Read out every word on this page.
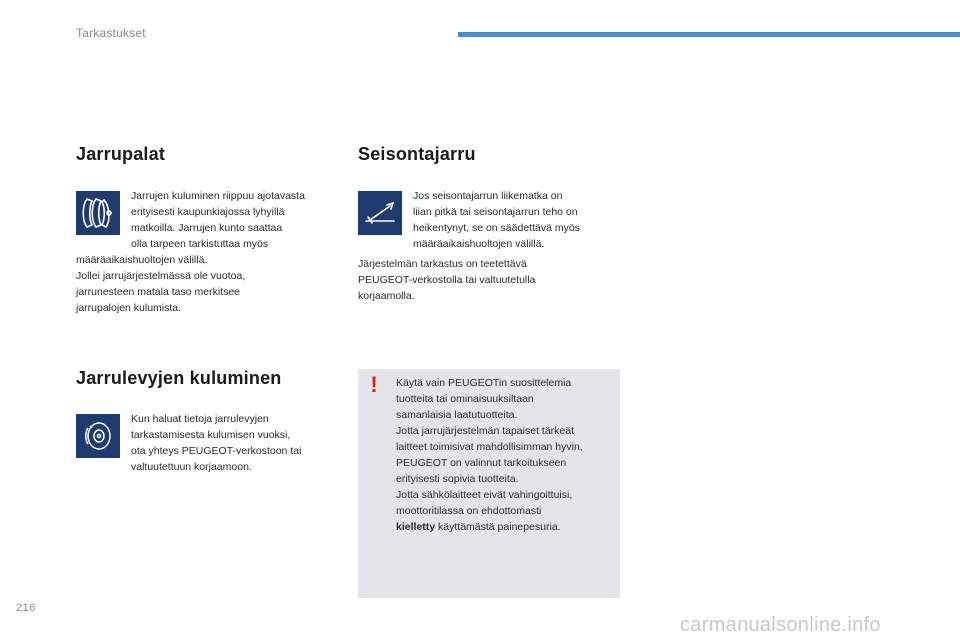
Tarkastukset
Jarrupalat
Jarrujen kuluminen riippuu ajotavasta
erityisesti kaupunkiajossa lyhyillä
matkoilla. Jarrujen kunto saattaa
olla tarpeen tarkistuttaa myös
määräaikaishuoltojen välillä.
Jollei jarrujärjestelmässä ole vuotoa,
jarrunesteen matala taso merkitsee
jarrupalojen kulumista.
Seisontajarru
Jos seisontajarrun liikematka on
liian pitkä tai seisontajarrun teho on
heikentynyt, se on säädettävä myös
määräaikaishuoltojen välillä.
Järjestelmän tarkastus on teetettävä
PEUGEOT-verkostolla tai valtuutetulla
korjaamolla.
Jarrulevyjen kuluminen
Kun haluat tietoja jarrulevyjen
tarkastamisesta kulumisen vuoksi,
ota yhteys PEUGEOT-verkostoon tai
valtuutettuun korjaamoon.
! Käytä vain PEUGEOTin suosittelemia
tuotteita tai ominaisuuksiltaan
samanlaisia laatutuotteita.
Jotta jarrujärjestelmän tapaiset tärkeät
laitteet toimisivat mahdollisimman hyvin,
PEUGEOT on valinnut tarkoitukseen
erityisesti sopivia tuotteita.
Jotta sähkölaitteet eivät vahingoittuisi,
moottoritilassa on ehdottomasti
kielletty käyttämästä painepesuria.
216
carmanualsonline.info
